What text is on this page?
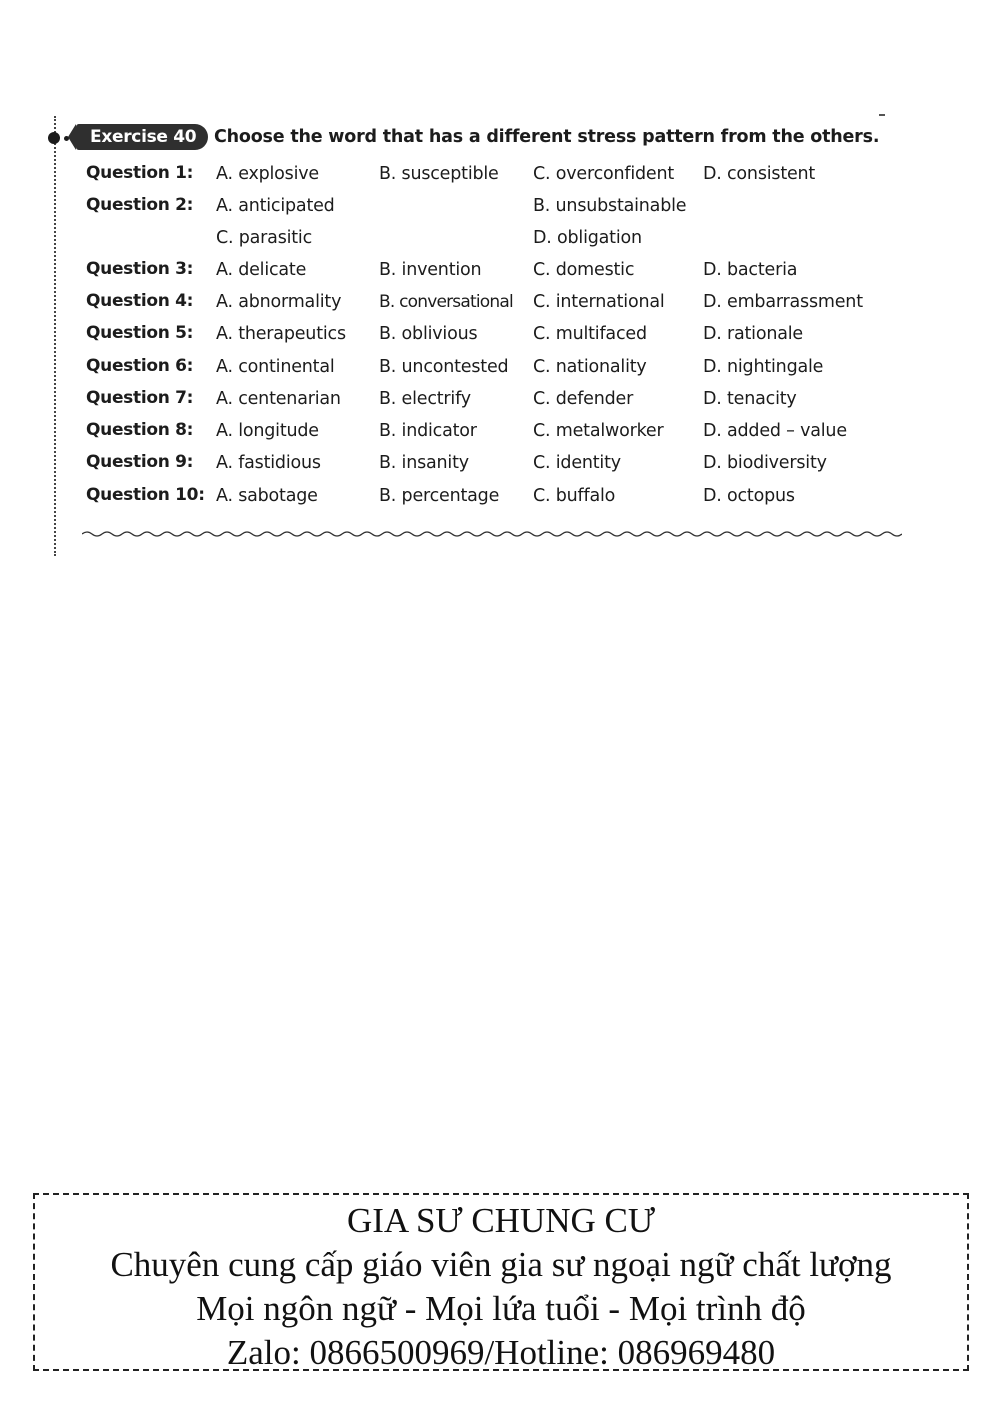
Exercise 40	Choose the word that has a different stress pattern from the others.
Question 1: A. explosive	B. susceptible C. overconfident D. consistent
Question 2: A. anticipated	B. unsubstainable
C. parasitic	D. obligation
Question 3: A. delicate	B. invention	C. domestic	D. bacteria
Question 4: A. abnormality B. conversational C. international D. embarrassment
Question 5: A. therapeutics B. oblivious	C. multifaced	D. rationale
Question 6: A. continental	B. uncontested C. nationality	D. nightingale
Question 7: A. centenarian B. electrify	C. defender	D. tenacity
Question 8: A. longitude	B. indicator	C. metalworker D. added – value
Question 9: A. fastidious	B. insanity	C. identity	D. biodiversity
Question 10: A. sabotage	B. percentage C. buffalo	D. octopus
GIA SƯ CHUNG CƯ
Chuyên cung cấp giáo viên gia sư ngoại ngữ chất lượng
Mọi ngôn ngữ - Mọi lứa tuổi - Mọi trình độ
Zalo: 0866500969/Hotline: 086969480
